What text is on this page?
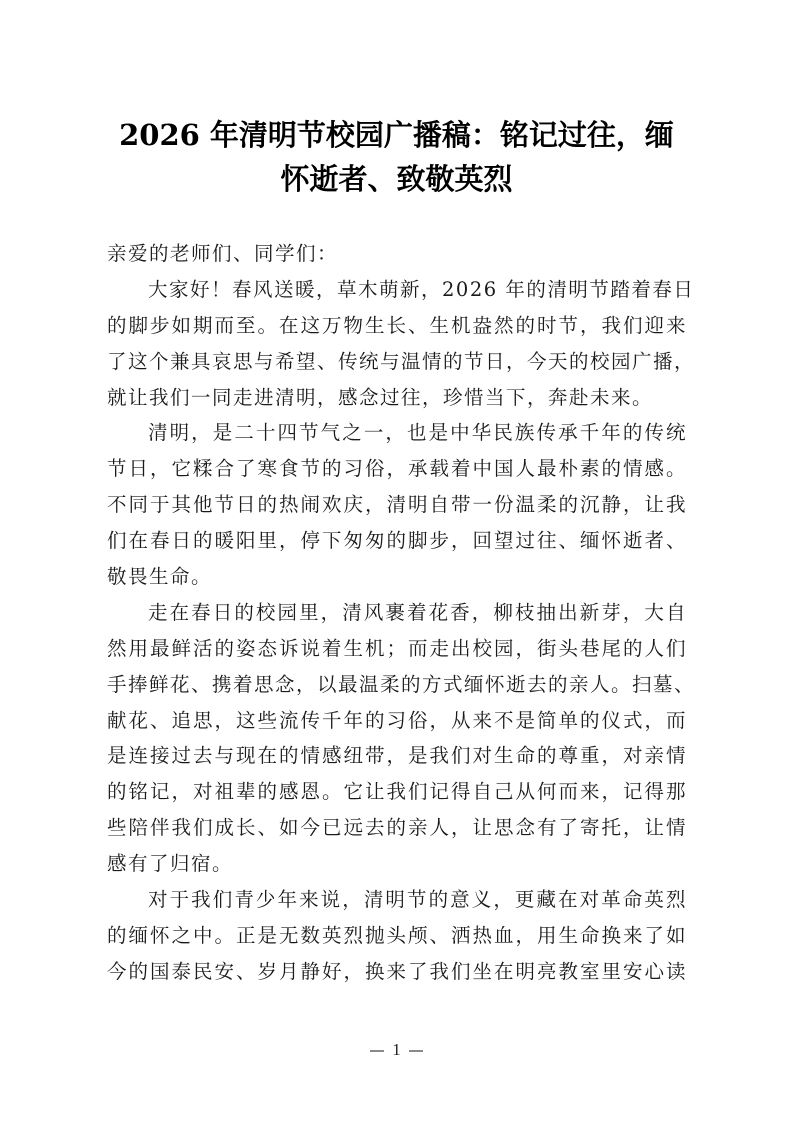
2026 年清明节校园广播稿：铭记过往，缅
怀逝者、致敬英烈
亲爱的老师们、同学们：
大家好！春风送暖，草木萌新，2026 年的清明节踏着春日
的脚步如期而至。在这万物生长、生机盎然的时节，我们迎来
了这个兼具哀思与希望、传统与温情的节日，今天的校园广播，
就让我们一同走进清明，感念过往，珍惜当下，奔赴未来。
清明，是二十四节气之一，也是中华民族传承千年的传统
节日，它糅合了寒食节的习俗，承载着中国人最朴素的情感。
不同于其他节日的热闹欢庆，清明自带一份温柔的沉静，让我
们在春日的暖阳里，停下匆匆的脚步，回望过往、缅怀逝者、
敬畏生命。
走在春日的校园里，清风裹着花香，柳枝抽出新芽，大自
然用最鲜活的姿态诉说着生机；而走出校园，街头巷尾的人们
手捧鲜花、携着思念，以最温柔的方式缅怀逝去的亲人。扫墓、
献花、追思，这些流传千年的习俗，从来不是简单的仪式，而
是连接过去与现在的情感纽带，是我们对生命的尊重，对亲情
的铭记，对祖辈的感恩。它让我们记得自己从何而来，记得那
些陪伴我们成长、如今已远去的亲人，让思念有了寄托，让情
感有了归宿。
对于我们青少年来说，清明节的意义，更藏在对革命英烈
的缅怀之中。正是无数英烈抛头颅、洒热血，用生命换来了如
今的国泰民安、岁月静好，换来了我们坐在明亮教室里安心读
1
